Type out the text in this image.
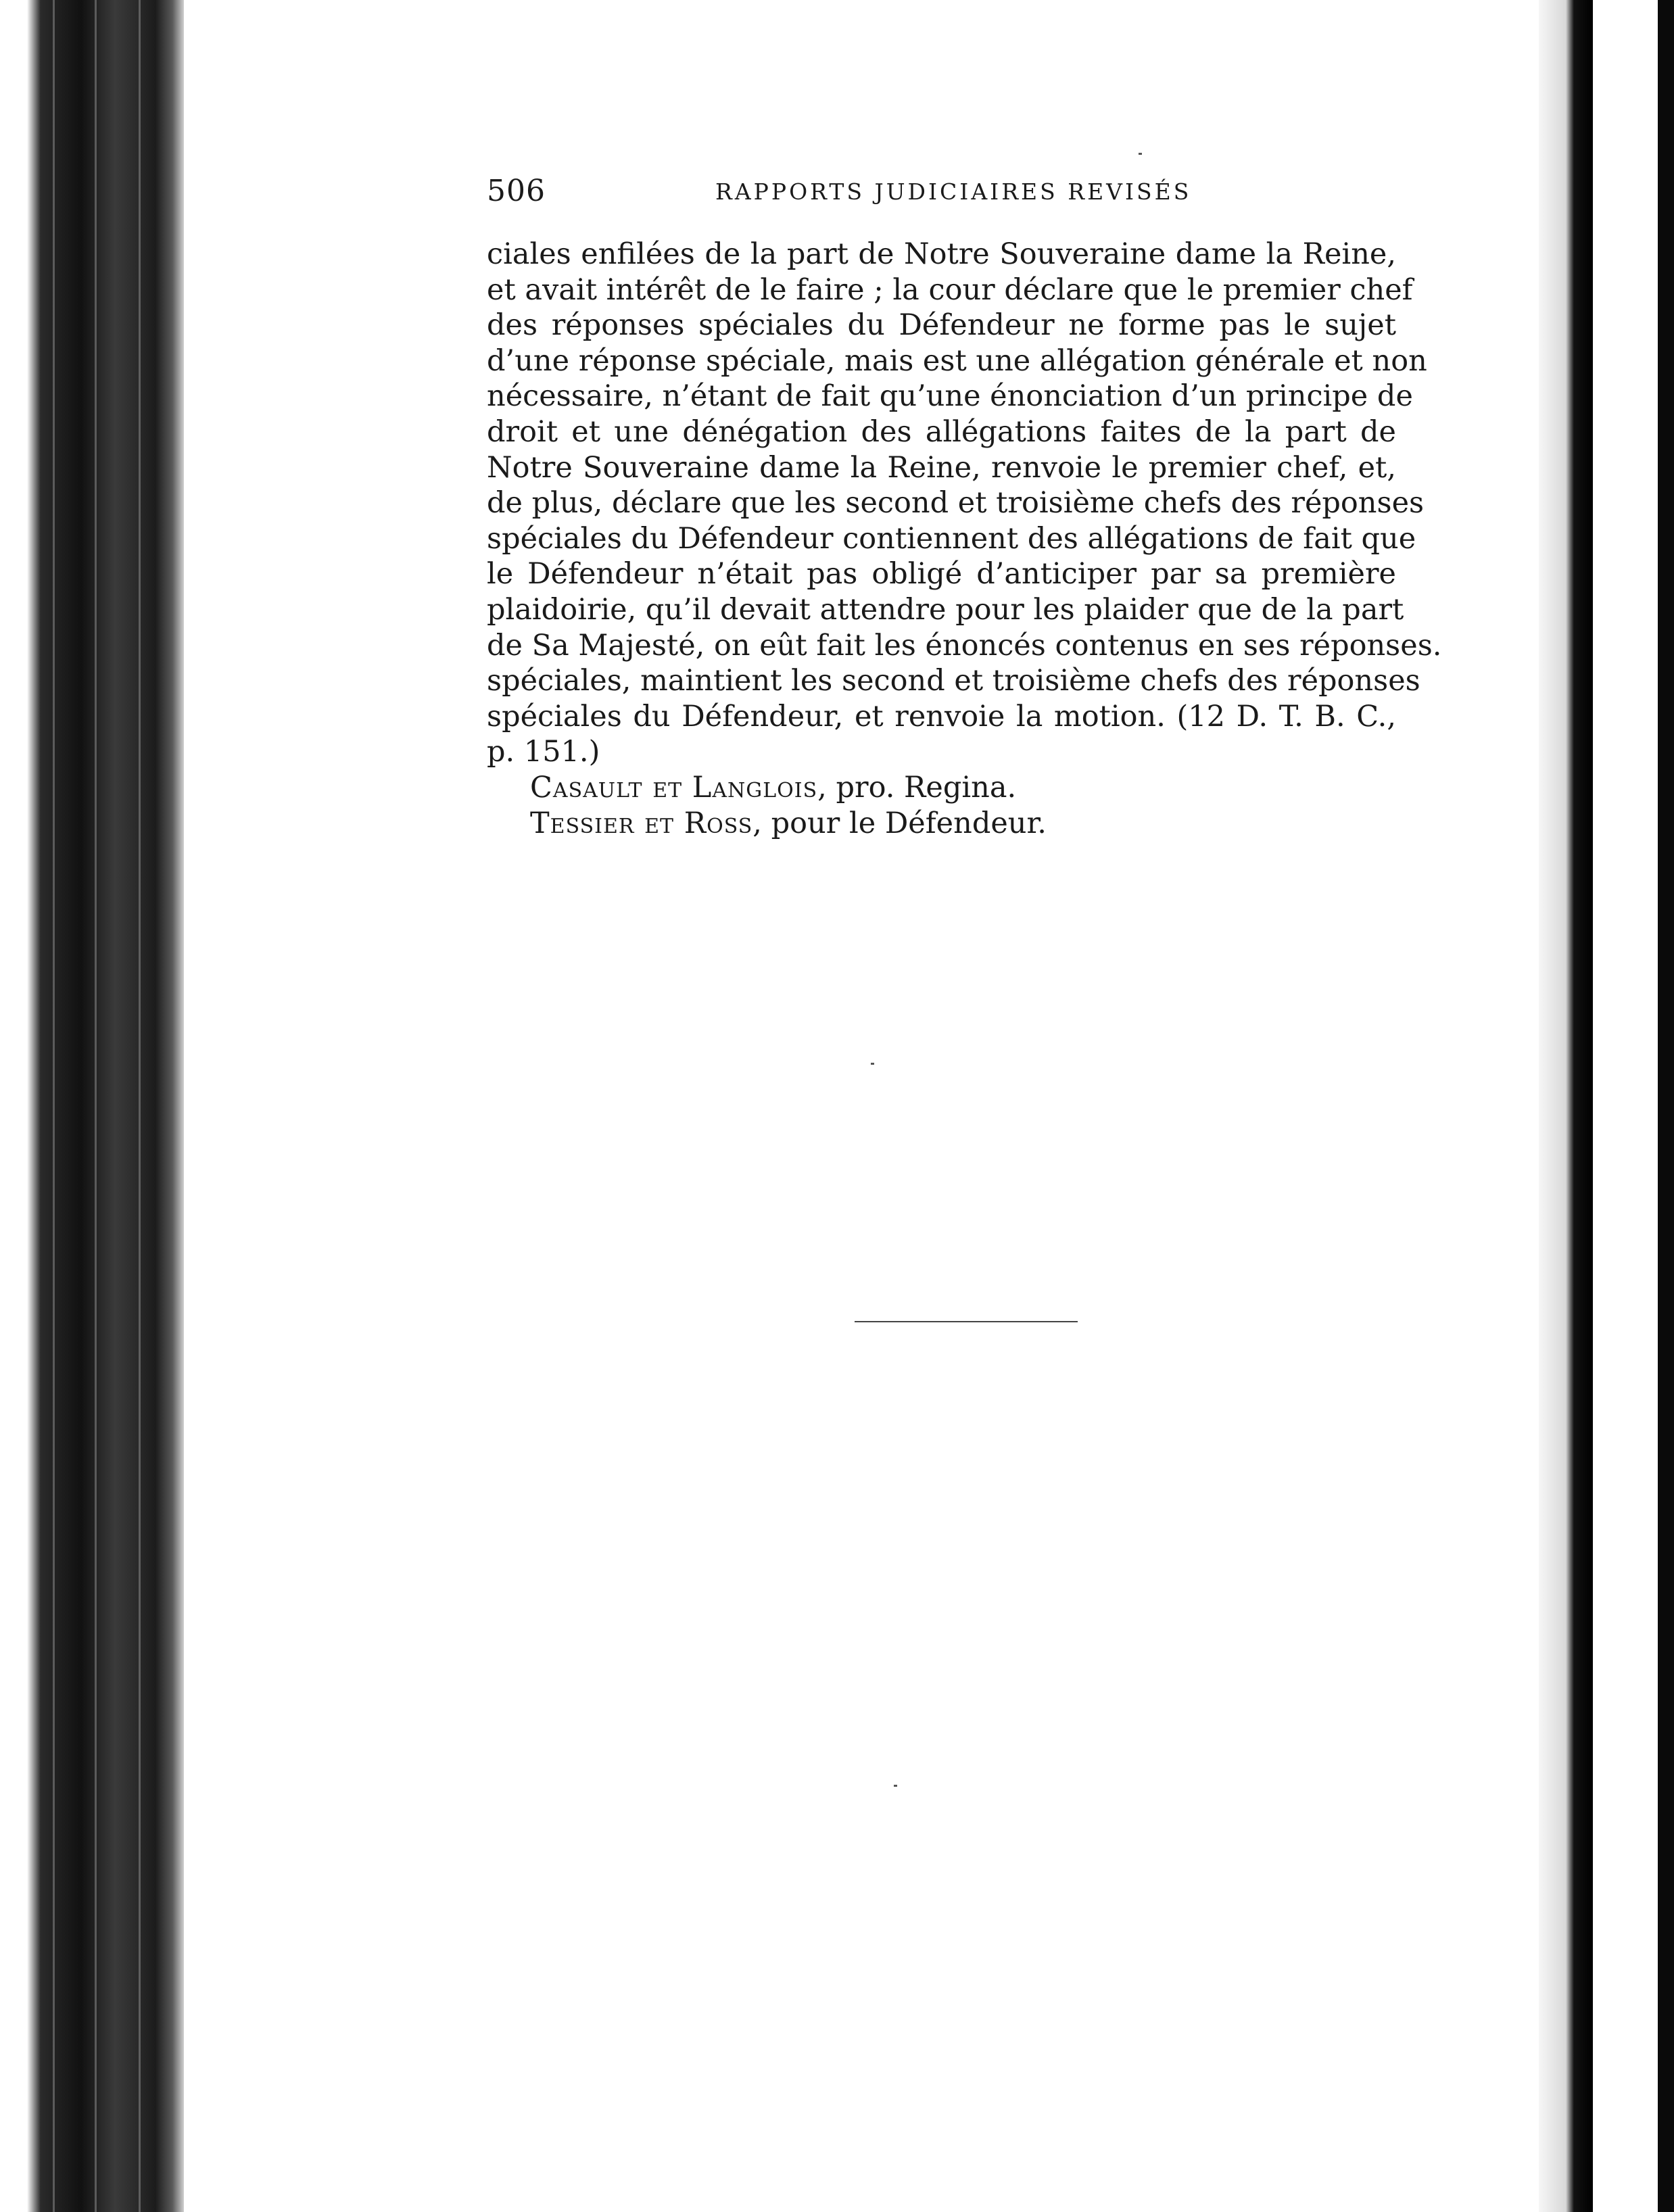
506	RAPPORTS JUDICIAIRES REVISÉS
ciales enfilées de la part de Notre Souveraine dame la Reine,
et avait intérêt de le faire ; la cour déclare que le premier chef
des réponses spéciales du Défendeur ne forme pas le sujet
d’une réponse spéciale, mais est une allégation générale et non
nécessaire, n’étant de fait qu’une énonciation d’un principe de
droit et une dénégation des allégations faites de la part de
Notre Souveraine dame la Reine, renvoie le premier chef, et,
de plus, déclare que les second et troisième chefs des réponses
spéciales du Défendeur contiennent des allégations de fait que
le Défendeur n’était pas obligé d’anticiper par sa première
plaidoirie, qu’il devait attendre pour les plaider que de la part
de Sa Majesté, on eût fait les énoncés contenus en ses réponses.
spéciales, maintient les second et troisième chefs des réponses
spéciales du Défendeur, et renvoie la motion. (12 D. T. B. C.,
p. 151.)
Casault et Langlois, pro. Regina.
Tessier et Ross, pour le Défendeur.
